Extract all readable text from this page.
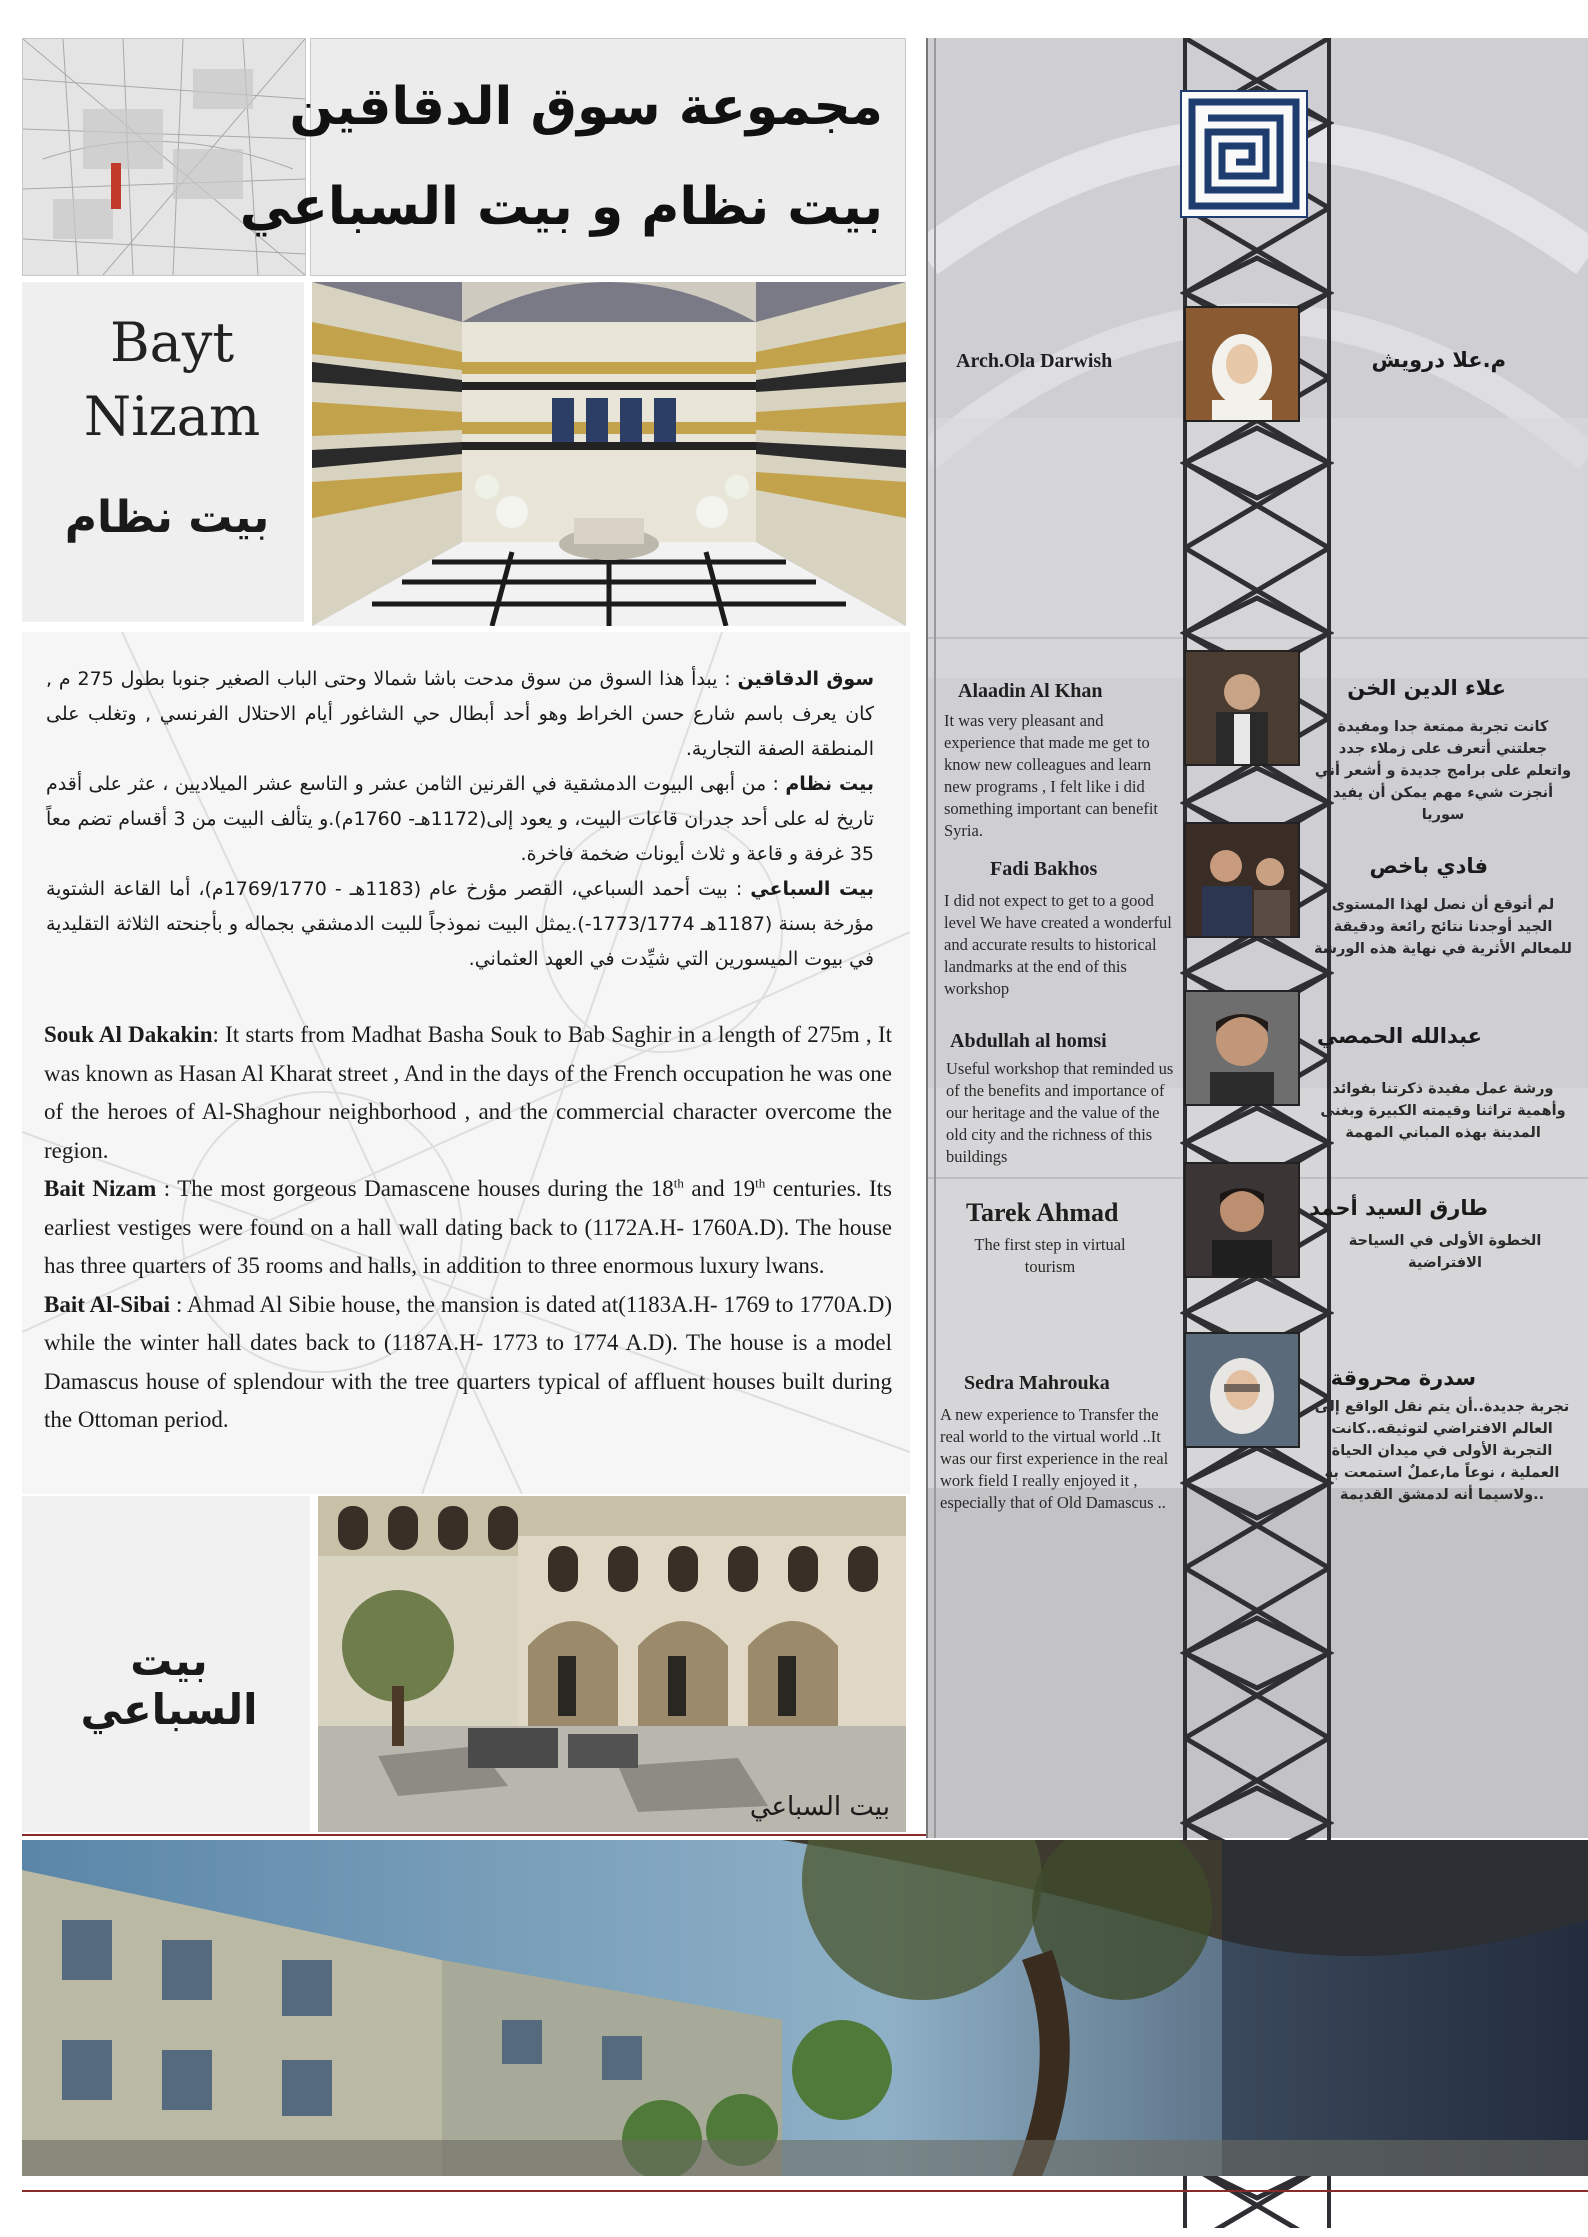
مجموعة سوق الدقاقين
بيت نظام و بيت السباعي
Bayt
Nizam
بيت نظام

سوق الدقاقين : يبدأ هذا السوق من سوق مدحت باشا شمالا وحتى الباب الصغير جنوبا بطول 275 م , كان يعرف باسم شارع حسن الخراط وهو أحد أبطال حي الشاغور أيام الاحتلال الفرنسي , وتغلب على المنطقة الصفة التجارية.

بيت نظام : من أبهى البيوت الدمشقية في القرنين الثامن عشر و التاسع عشر الميلاديين ، عثر على أقدم تاريخ له على أحد جدران قاعات البيت، و يعود إلى(1172هـ- 1760م).و يتألف البيت من 3 أقسام تضم معاً 35 غرفة و قاعة و ثلاث أيونات ضخمة فاخرة.

بيت السباعي : بيت أحمد السباعي، القصر مؤرخ عام (1183هـ - 1769/1770م)، أما القاعة الشتوية مؤرخة بسنة (1187هـ 1773/1774-).يمثل البيت نموذجاً للبيت الدمشقي بجماله و بأجنحته الثلاثة التقليدية في بيوت الميسورين التي شيِّدت في العهد العثماني.

Souk Al Dakakin: It starts from Madhat Basha Souk to Bab Saghir in a length of 275m , It was known as Hasan Al Kharat street , And in the days of the French occupation he was one of the heroes of Al-Shaghour neighborhood , and the commercial character overcome the region.

Bait Nizam : The most gorgeous Damascene houses during the 18th and 19th centuries. Its earliest vestiges were found on a hall wall dating back to (1172A.H- 1760A.D). The house has three quarters of 35 rooms and halls, in addition to three enormous luxury lwans.

Bait Al-Sibai : Ahmad Al Sibie house, the mansion is dated at(1183A.H- 1769 to 1770A.D) while the winter hall dates back to (1187A.H- 1773 to 1774 A.D). The house is a model Damascus house of splendour with the tree quarters typical of affluent houses built during the Ottoman period.

بيت السباعي
بيت السباعي
Arch.Ola Darwish	م.علا درويش
Alaadin Al Khan	علاء الدين الخن
It was very pleasant and experience that made me get to know new colleagues and learn new programs , I felt like i did something important can benefit Syria.
كانت تجربة ممتعة جدا ومفيدة جعلتني أتعرف على زملاء جدد واتعلم على برامج جديدة و أشعر أني أنجزت شيء مهم يمكن أن يفيد سوريا
Fadi Bakhos	فادي باخص
I did not expect to get to a good level We have created a wonderful and accurate results to historical landmarks at the end of this workshop
لم أتوقع أن نصل لهذا المستوى الجيد أوجدنا نتائج رائعة ودقيقة للمعالم الأثرية في نهاية هذه الورشة
Abdullah al homsi	عبدالله الحمصي
Useful workshop that reminded us of the benefits and importance of our heritage and the value of the old city and the richness of this buildings
ورشة عمل مفيدة ذكرتنا بفوائد وأهمية تراثنا وقيمته الكبيرة وبغنى المدينة بهذه المباني المهمة
Tarek Ahmad	طارق السيد أحمد
The first step in virtual tourism
الخطوة الأولى في السياحة الافتراضية
Sedra Mahrouka	سدرة محروقة
A new experience to Transfer the real world to the virtual world ..It was our first experience in the real work field I really enjoyed it , especially that of Old Damascus ..
تجربة جديدة..أن يتم نقل الواقع إلى العالم الافتراضي لتوثيقه..كانت التجربة الأولى في ميدان الحياة العملية ، نوعاً ما,عملٌ استمعت به ..ولاسيما أنه لدمشق القديمة
